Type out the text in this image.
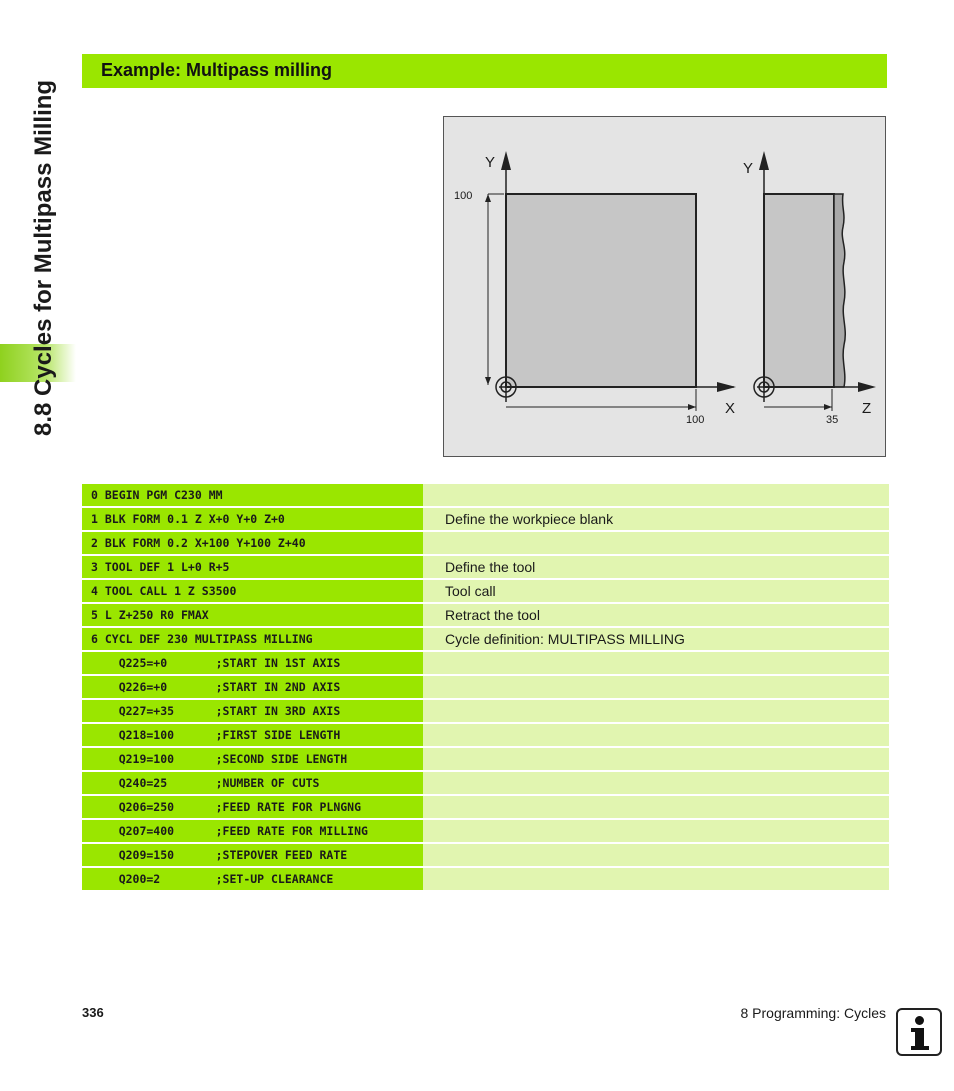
8.8 Cycles for Multipass Milling
Example: Multipass milling
Y
X
100
100
Y
Z
35
0 BEGIN PGM C230 MM
1 BLK FORM 0.1 Z X+0 Y+0 Z+0	Define the workpiece blank
2 BLK FORM 0.2 X+100 Y+100 Z+40
3 TOOL DEF 1 L+0 R+5	Define the tool
4 TOOL CALL 1 Z S3500	Tool call
5 L Z+250 R0 FMAX	Retract the tool
6 CYCL DEF 230 MULTIPASS MILLING	Cycle definition: MULTIPASS MILLING
Q225=+0       ;START IN 1ST AXIS
Q226=+0       ;START IN 2ND AXIS
Q227=+35      ;START IN 3RD AXIS
Q218=100      ;FIRST SIDE LENGTH
Q219=100      ;SECOND SIDE LENGTH
Q240=25       ;NUMBER OF CUTS
Q206=250      ;FEED RATE FOR PLNGNG
Q207=400      ;FEED RATE FOR MILLING
Q209=150      ;STEPOVER FEED RATE
Q200=2        ;SET-UP CLEARANCE
336	8 Programming: Cycles
